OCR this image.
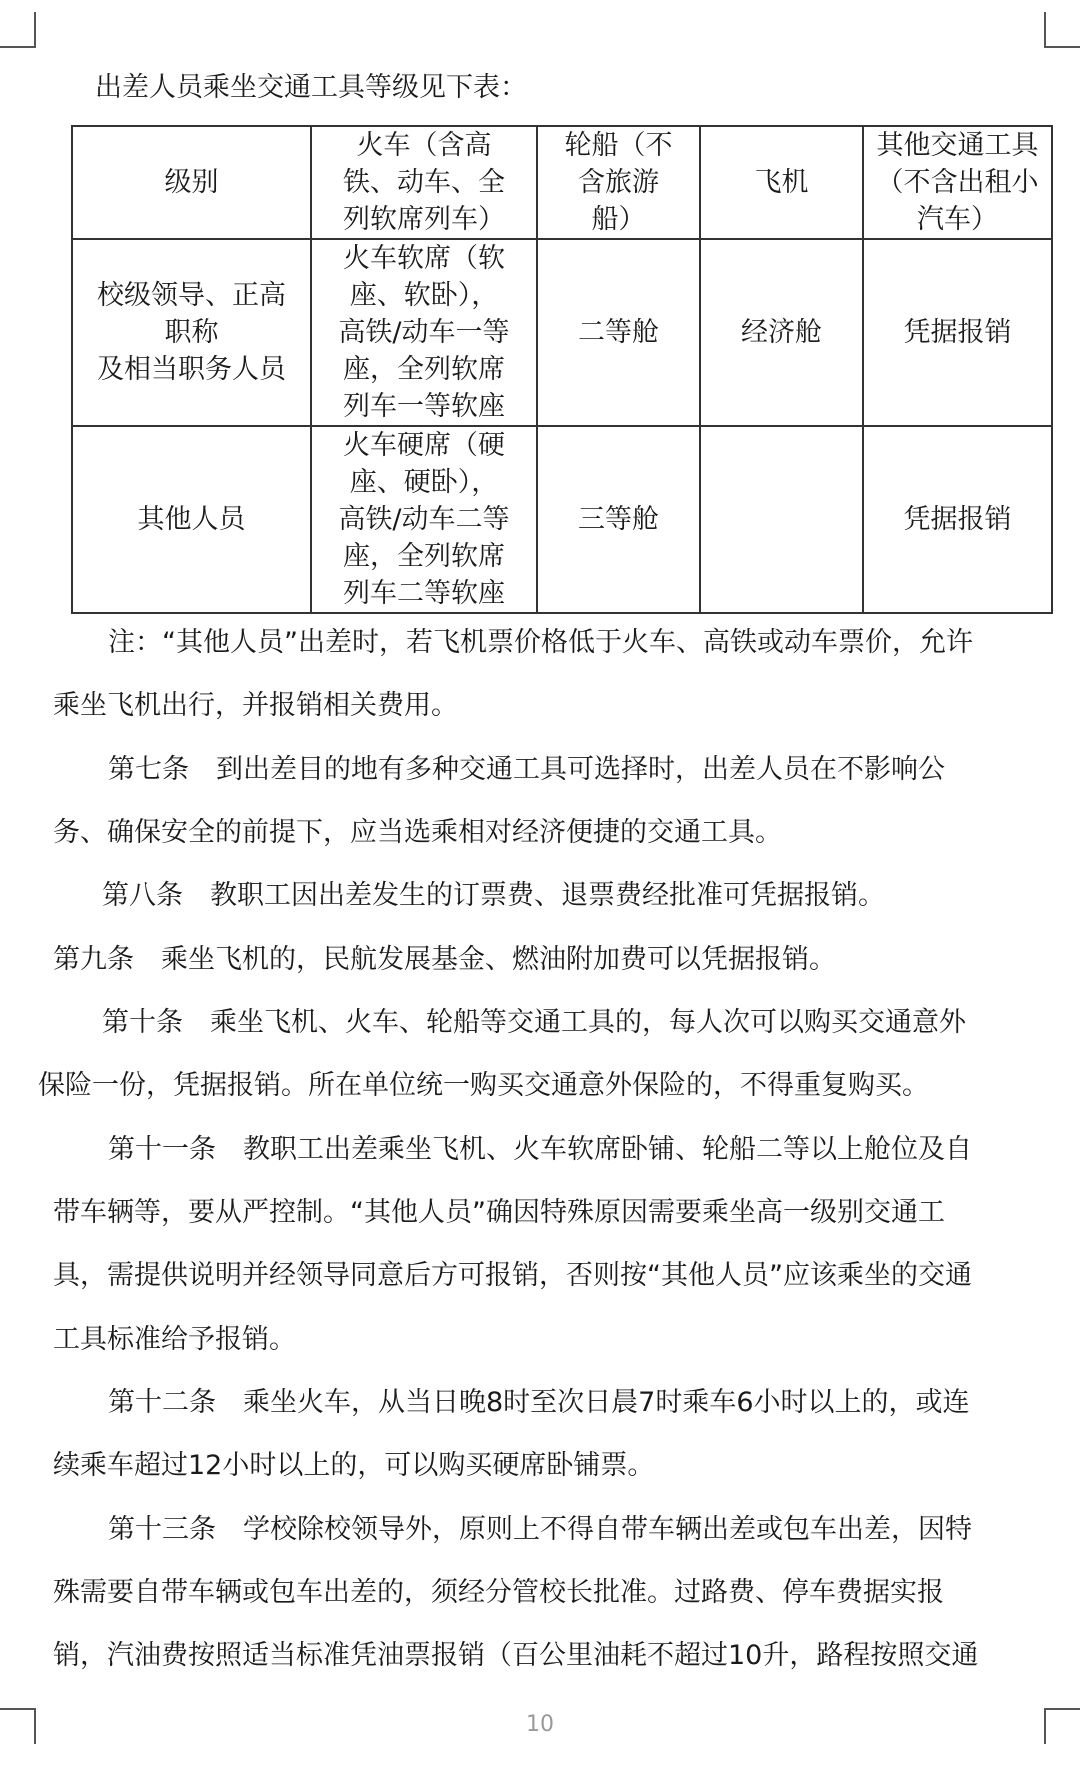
出差人员乘坐交通工具等级见下表：
级别	火车（含高
铁、动车、全
列软席列车）	轮船（不
含旅游
船）	飞机	其他交通工具
（不含出租小
汽车）
校级领导、正高
职称
及相当职务人员	火车软席（软
座、软卧），
高铁/动车一等
座，全列软席
列车一等软座	二等舱	经济舱	凭据报销
其他人员	火车硬席（硬
座、硬卧），
高铁/动车二等
座，全列软席
列车二等软座	三等舱		凭据报销
注：“其他人员”出差时，若飞机票价格低于火车、高铁或动车票价，允许
乘坐飞机出行，并报销相关费用。
第七条　到出差目的地有多种交通工具可选择时，出差人员在不影响公
务、确保安全的前提下，应当选乘相对经济便捷的交通工具。
第八条　教职工因出差发生的订票费、退票费经批准可凭据报销。
第九条　乘坐飞机的，民航发展基金、燃油附加费可以凭据报销。
第十条　乘坐飞机、火车、轮船等交通工具的，每人次可以购买交通意外
保险一份，凭据报销。所在单位统一购买交通意外保险的，不得重复购买。
第十一条　教职工出差乘坐飞机、火车软席卧铺、轮船二等以上舱位及自
带车辆等，要从严控制。“其他人员”确因特殊原因需要乘坐高一级别交通工
具，需提供说明并经领导同意后方可报销，否则按“其他人员”应该乘坐的交通
工具标准给予报销。
第十二条　乘坐火车，从当日晚8时至次日晨7时乘车6小时以上的，或连
续乘车超过12小时以上的，可以购买硬席卧铺票。
第十三条　学校除校领导外，原则上不得自带车辆出差或包车出差，因特
殊需要自带车辆或包车出差的，须经分管校长批准。过路费、停车费据实报
销，汽油费按照适当标准凭油票报销（百公里油耗不超过10升，路程按照交通
10
